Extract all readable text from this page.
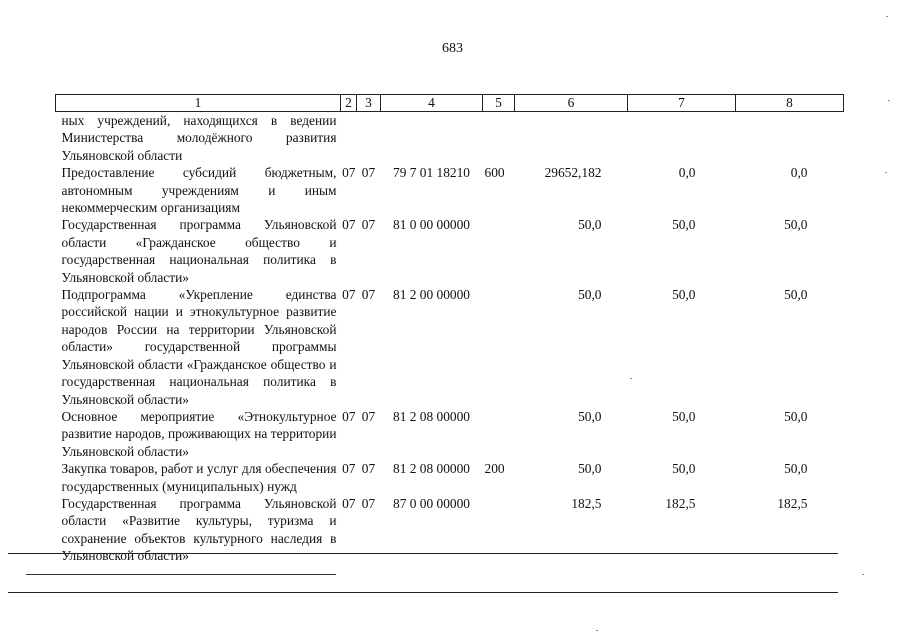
683
1	2	3	4	5	6	7	8
ных учреждений, находящихся в ведении Министерства молодёжного развития Ульяновской области							
Предоставление субсидий бюджетным, автономным учреждениям и иным некоммерческим организациям	07	07	79 7 01 18210	600	29652,182	0,0	0,0
Государственная программа Ульяновской области «Гражданское общество и государственная национальная политика в Ульяновской области»	07	07	81 0 00 00000		50,0	50,0	50,0
Подпрограмма «Укрепление единства российской нации и этнокультурное развитие народов России на территории Ульяновской области» государственной программы Ульяновской области «Гражданское общество и государственная национальная политика в Ульяновской области»	07	07	81 2 00 00000		50,0	50,0	50,0
Основное мероприятие «Этнокультурное развитие народов, проживающих на территории Ульяновской области»	07	07	81 2 08 00000		50,0	50,0	50,0
Закупка товаров, работ и услуг для обеспечения государственных (муниципальных) нужд	07	07	81 2 08 00000	200	50,0	50,0	50,0
Государственная программа Ульяновской области «Развитие культуры, туризма и сохранение объектов культурного наследия в Ульяновской области»	07	07	87 0 00 00000		182,5	182,5	182,5
